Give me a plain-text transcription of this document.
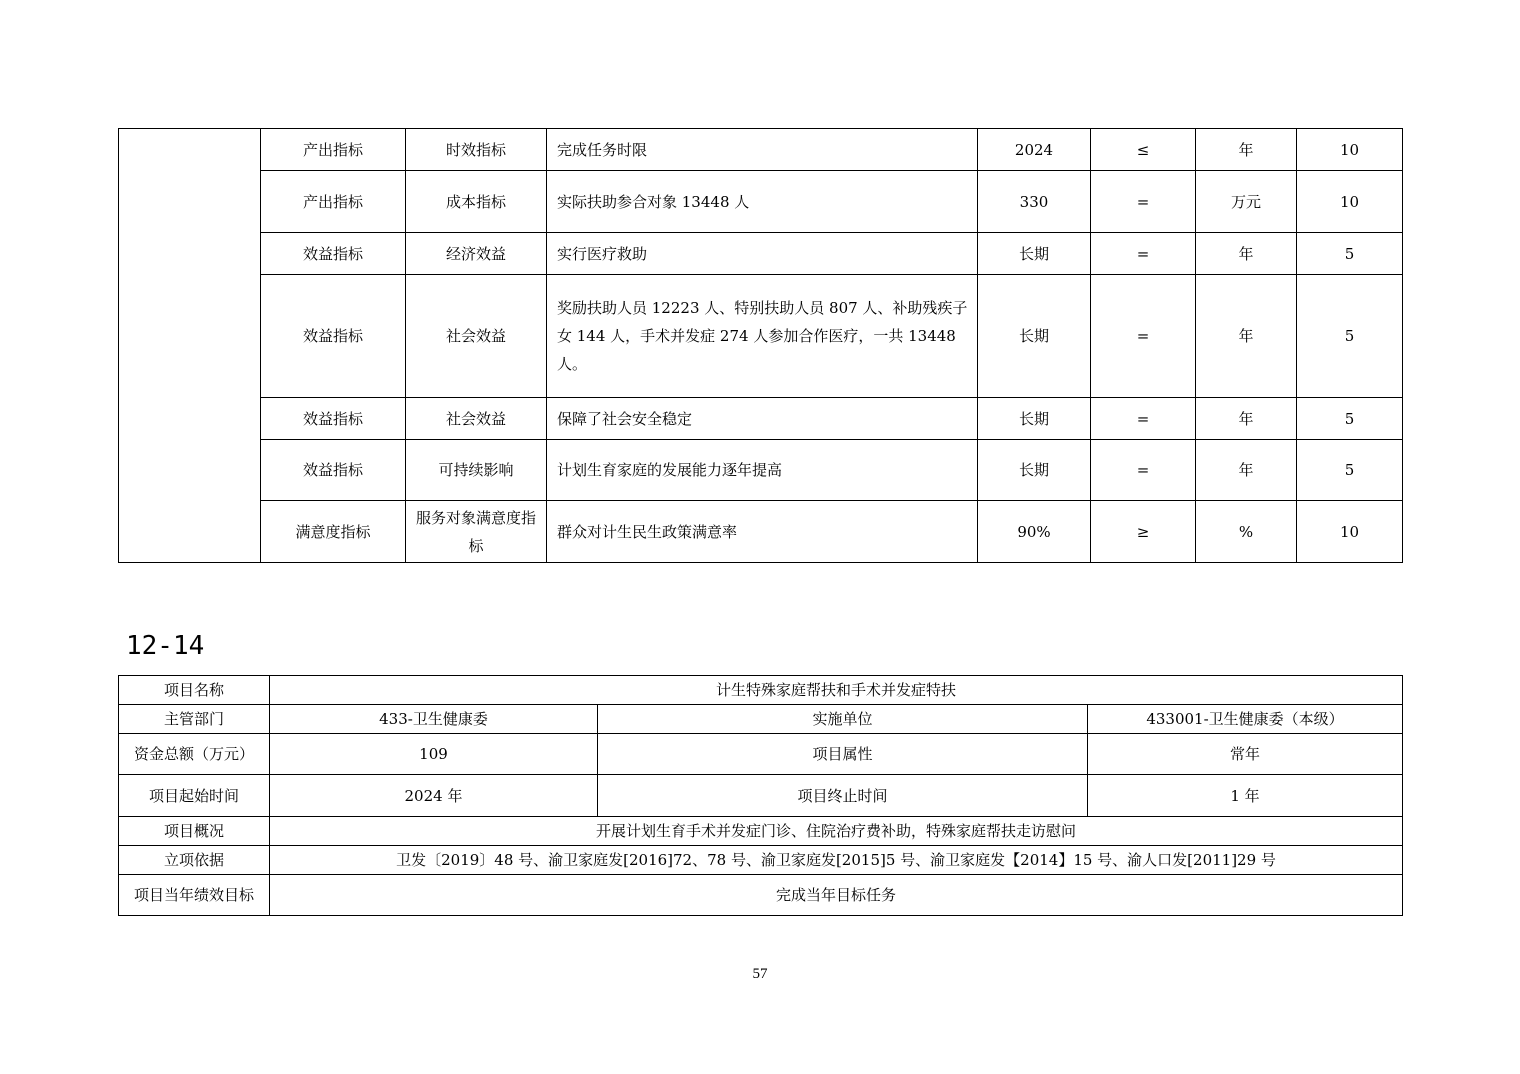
	产出指标	时效指标	完成任务时限	2024	≤	年	10
	产出指标	成本指标	实际扶助参合对象 13448 人	330	=	万元	10
	效益指标	经济效益	实行医疗救助	长期	=	年	5
	效益指标	社会效益	奖励扶助人员 12223 人、特别扶助人员 807 人、补助残疾子女 144 人，手术并发症 274 人参加合作医疗，一共 13448 人。	长期	=	年	5
	效益指标	社会效益	保障了社会安全稳定	长期	=	年	5
	效益指标	可持续影响	计划生育家庭的发展能力逐年提高	长期	=	年	5
	满意度指标	服务对象满意度指标	群众对计生民生政策满意率	90%	≥	%	10
12-14
项目名称	计生特殊家庭帮扶和手术并发症特扶		
主管部门	433-卫生健康委	实施单位	433001-卫生健康委（本级）
资金总额（万元）	109	项目属性	常年
项目起始时间	2024 年	项目终止时间	1 年
项目概况	开展计划生育手术并发症门诊、住院治疗费补助，特殊家庭帮扶走访慰问		
立项依据	卫发〔2019〕48 号、渝卫家庭发[2016]72、78 号、渝卫家庭发[2015]5 号、渝卫家庭发【2014】15 号、渝人口发[2011]29 号		
项目当年绩效目标	完成当年目标任务		
57
